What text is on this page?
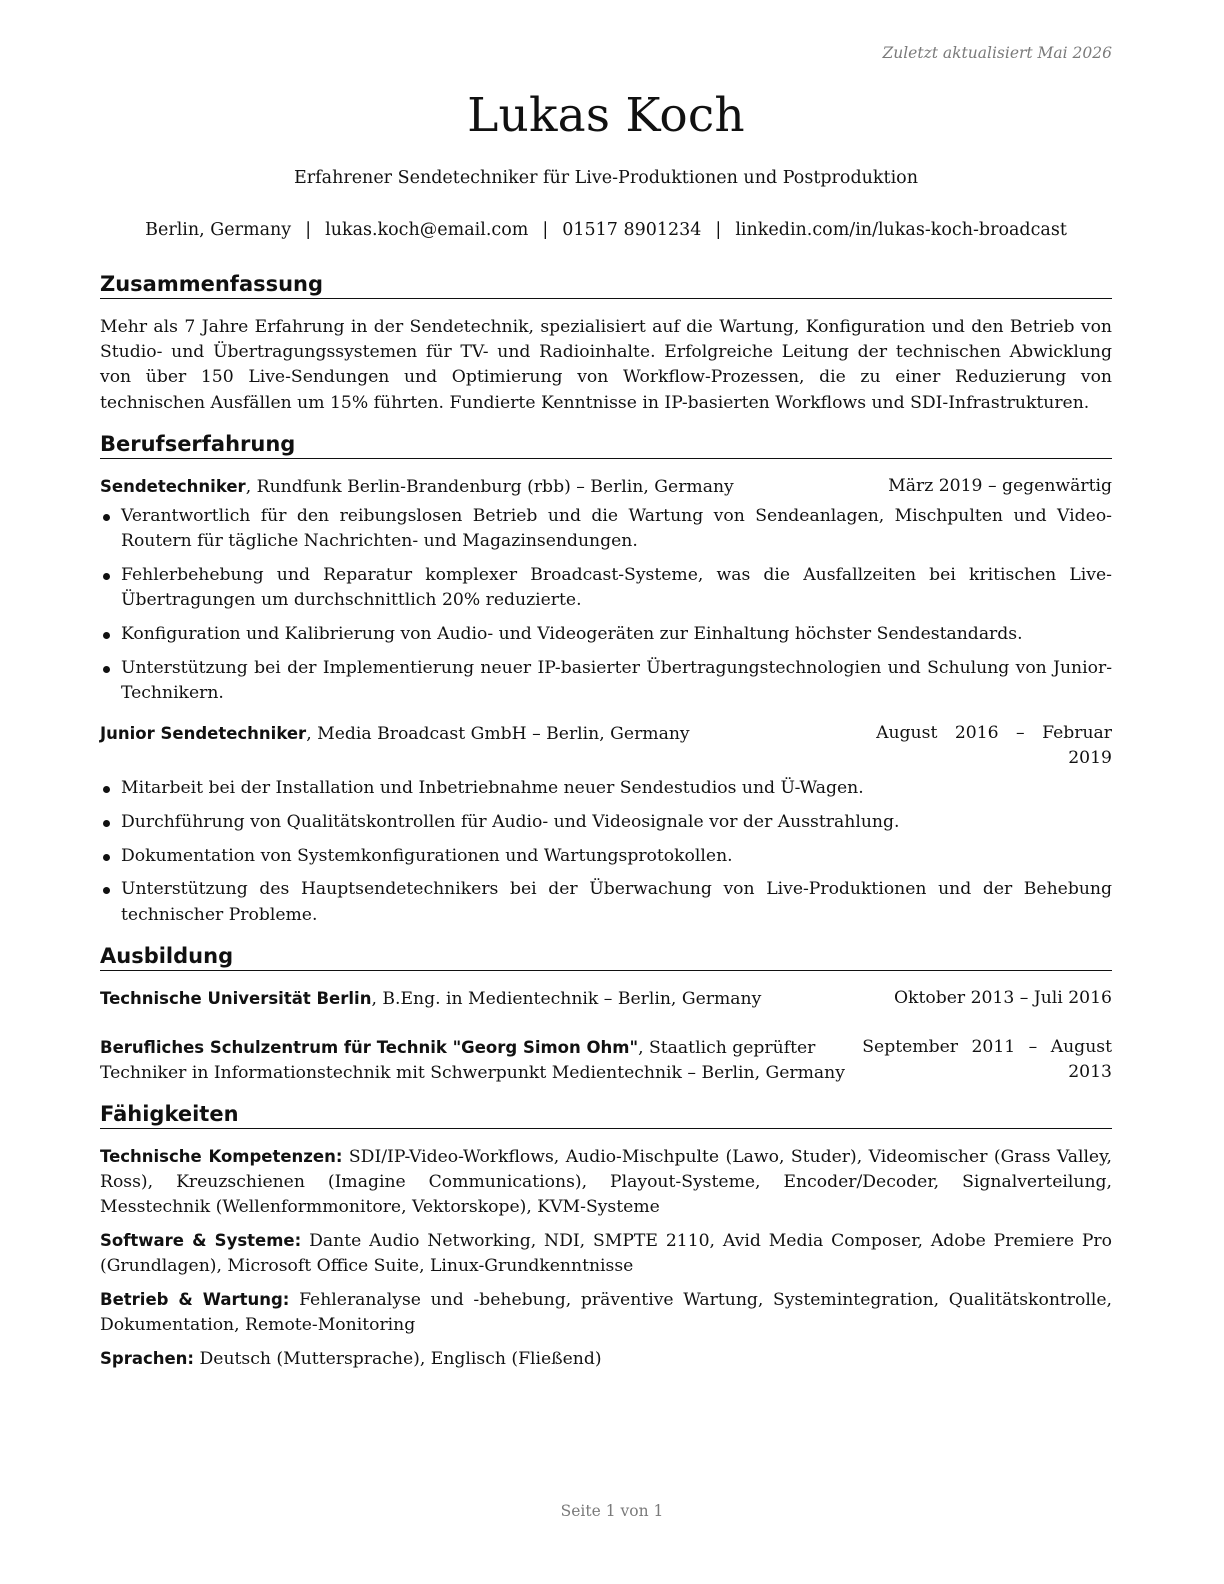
Zuletzt aktualisiert Mai 2026
Lukas Koch
Erfahrener Sendetechniker für Live-Produktionen und Postproduktion
Berlin, Germany | lukas.koch@email.com | 01517 8901234 | linkedin.com/in/lukas-koch-broadcast
Zusammenfassung
Mehr als 7 Jahre Erfahrung in der Sendetechnik, spezialisiert auf die Wartung, Konfiguration und den Betrieb von Studio- und Übertragungssystemen für TV- und Radioinhalte. Erfolgreiche Leitung der technischen Abwicklung von über 150 Live-Sendungen und Optimierung von Workflow-Prozessen, die zu einer Reduzierung von technischen Ausfällen um 15% führten. Fundierte Kenntnisse in IP-basierten Workflows und SDI-Infrastrukturen.
Berufserfahrung
Sendetechniker, Rundfunk Berlin-Brandenburg (rbb) – Berlin, Germany	März 2019 – gegenwärtig
Verantwortlich für den reibungslosen Betrieb und die Wartung von Sendeanlagen, Mischpulten und Video-Routern für tägliche Nachrichten- und Magazinsendungen.
Fehlerbehebung und Reparatur komplexer Broadcast-Systeme, was die Ausfallzeiten bei kritischen Live-Übertragungen um durchschnittlich 20% reduzierte.
Konfiguration und Kalibrierung von Audio- und Videogeräten zur Einhaltung höchster Sendestandards.
Unterstützung bei der Implementierung neuer IP-basierter Übertragungstechnologien und Schulung von Junior-Technikern.
Junior Sendetechniker, Media Broadcast GmbH – Berlin, Germany	August 2016 – Februar
2019
Mitarbeit bei der Installation und Inbetriebnahme neuer Sendestudios und Ü-Wagen.
Durchführung von Qualitätskontrollen für Audio- und Videosignale vor der Ausstrahlung.
Dokumentation von Systemkonfigurationen und Wartungsprotokollen.
Unterstützung des Hauptsendetechnikers bei der Überwachung von Live-Produktionen und der Behebung technischer Probleme.
Ausbildung
Technische Universität Berlin, B.Eng. in Medientechnik – Berlin, Germany	Oktober 2013 – Juli 2016
Berufliches Schulzentrum für Technik "Georg Simon Ohm", Staatlich geprüfter Techniker in Informationstechnik mit Schwerpunkt Medientechnik – Berlin, Germany
September 2011 – August
2013
Fähigkeiten
Technische Kompetenzen: SDI/IP-Video-Workflows, Audio-Mischpulte (Lawo, Studer), Videomischer (Grass Valley, Ross), Kreuzschienen (Imagine Communications), Playout-Systeme, Encoder/Decoder, Signalverteilung, Messtechnik (Wellenformmonitore, Vektorskope), KVM-Systeme
Software & Systeme: Dante Audio Networking, NDI, SMPTE 2110, Avid Media Composer, Adobe Premiere Pro (Grundlagen), Microsoft Office Suite, Linux-Grundkenntnisse
Betrieb & Wartung: Fehleranalyse und -behebung, präventive Wartung, Systemintegration, Qualitätskontrolle, Dokumentation, Remote-Monitoring
Sprachen: Deutsch (Muttersprache), Englisch (Fließend)
Seite 1 von 1
